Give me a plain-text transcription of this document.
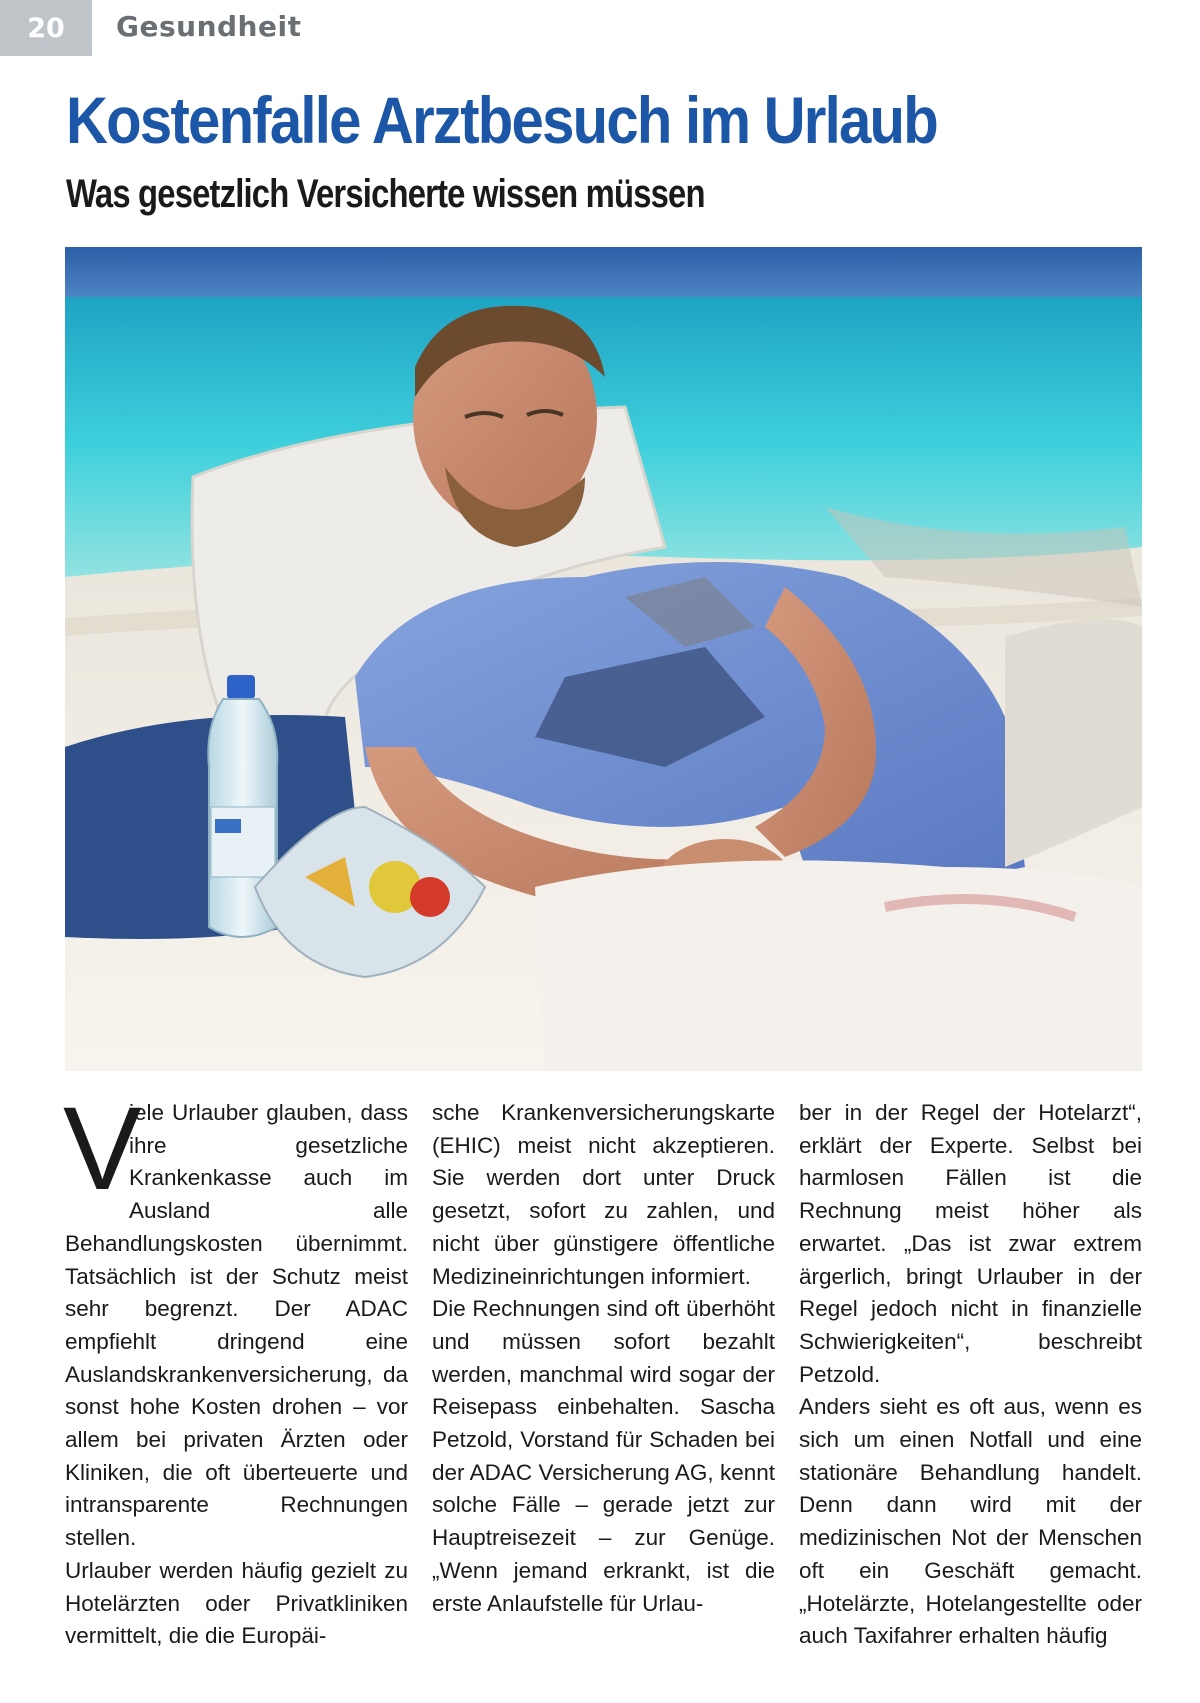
20	Gesundheit
Kostenfalle Arztbesuch im Urlaub
Was gesetzlich Versicherte wissen müssen

V
iele Urlauber glauben, dass ihre gesetzliche Krankenkasse auch im Ausland alle Behandlungskosten übernimmt. Tatsächlich ist der Schutz meist sehr begrenzt. Der ADAC empfiehlt dringend eine Auslandskrankenversicherung, da sonst hohe Kosten drohen – vor allem bei privaten Ärzten oder Kliniken, die oft überteuerte und intransparente Rechnungen stellen.

Urlauber werden häufig gezielt zu Hotelärzten oder Privatkliniken vermittelt, die die Europäi-

sche Krankenversicherungskarte (EHIC) meist nicht akzeptieren. Sie werden dort unter Druck gesetzt, sofort zu zahlen, und nicht über günstigere öffentliche Medizineinrichtungen informiert.

Die Rechnungen sind oft überhöht und müssen sofort bezahlt werden, manchmal wird sogar der Reisepass einbehalten. Sascha Petzold, Vorstand für Schaden bei der ADAC Versicherung AG, kennt solche Fälle – gerade jetzt zur Hauptreisezeit – zur Genüge.„Wenn jemand erkrankt, ist die erste Anlaufstelle für Urlau-

ber in der Regel der Hotelarzt“, erklärt der Experte. Selbst bei harmlosen Fällen ist die Rechnung meist höher als erwartet. „Das ist zwar extrem ärgerlich, bringt Urlauber in der Regel jedoch nicht in finanzielle Schwierigkeiten“, beschreibt Petzold.

Anders sieht es oft aus, wenn es sich um einen Notfall und eine stationäre Behandlung handelt. Denn dann wird mit der medizinischen Not der Menschen oft ein Geschäft gemacht. „Hotelärzte, Hotelangestellte oder auch Taxifahrer erhalten häufig
